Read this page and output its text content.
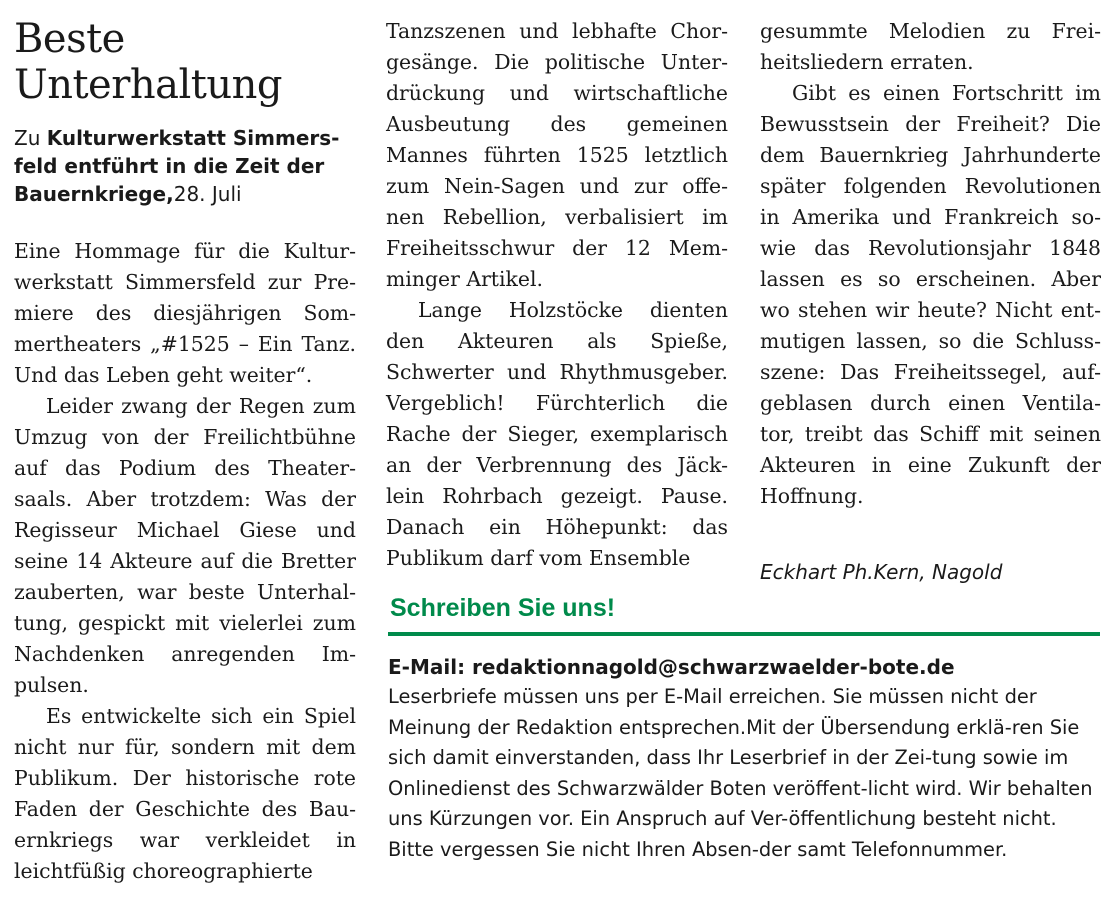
Beste
Unterhaltung
Zu Kulturwerkstatt Simmers-feld entführt in die Zeit der Bauernkriege,28. Juli

Eine Hommage für die Kultur-werkstatt Simmersfeld zur Pre-miere des diesjährigen Som-mertheaters „#1525 – Ein Tanz. Und das Leben geht weiter“.

Leider zwang der Regen zum Umzug von der Freilichtbühne auf das Podium des Theater-saals. Aber trotzdem: Was der Regisseur Michael Giese und seine 14 Akteure auf die Bretter zauberten, war beste Unterhal-tung, gespickt mit vielerlei zum Nachdenken anregenden Im-pulsen.

Es entwickelte sich ein Spiel nicht nur für, sondern mit dem Publikum. Der historische rote Faden der Geschichte des Bau-ernkriegs war verkleidet in leichtfüßig choreographierte

Tanzszenen und lebhafte Chor-gesänge. Die politische Unter-drückung und wirtschaftliche Ausbeutung des gemeinen Mannes führten 1525 letztlich zum Nein-Sagen und zur offe-nen Rebellion, verbalisiert im Freiheitsschwur der 12 Mem-minger Artikel.

Lange Holzstöcke dienten den Akteuren als Spieße, Schwerter und Rhythmusgeber. Vergeblich! Fürchterlich die Rache der Sieger, exemplarisch an der Verbrennung des Jäck-lein Rohrbach gezeigt. Pause. Danach ein Höhepunkt: das Publikum darf vom Ensemble

gesummte Melodien zu Frei-heitsliedern erraten.

Gibt es einen Fortschritt im Bewusstsein der Freiheit? Die dem Bauernkrieg Jahrhunderte später folgenden Revolutionen in Amerika und Frankreich so-wie das Revolutionsjahr 1848 lassen es so erscheinen. Aber wo stehen wir heute? Nicht ent-mutigen lassen, so die Schluss-szene: Das Freiheitssegel, auf-geblasen durch einen Ventila-tor, treibt das Schiff mit seinen Akteuren in eine Zukunft der Hoffnung.

Eckhart Ph.Kern, Nagold
Schreiben Sie uns!
E-Mail: redaktionnagold@schwarzwaelder-bote.de

Leserbriefe müssen uns per E-Mail erreichen. Sie müssen nicht der Meinung der Redaktion entsprechen.Mit der Übersendung erklä-ren Sie sich damit einverstanden, dass Ihr Leserbrief in der Zei-tung sowie im Onlinedienst des Schwarzwälder Boten veröffent-licht wird. Wir behalten uns Kürzungen vor. Ein Anspruch auf Ver-öffentlichung besteht nicht. Bitte vergessen Sie nicht Ihren Absen-der samt Telefonnummer.
